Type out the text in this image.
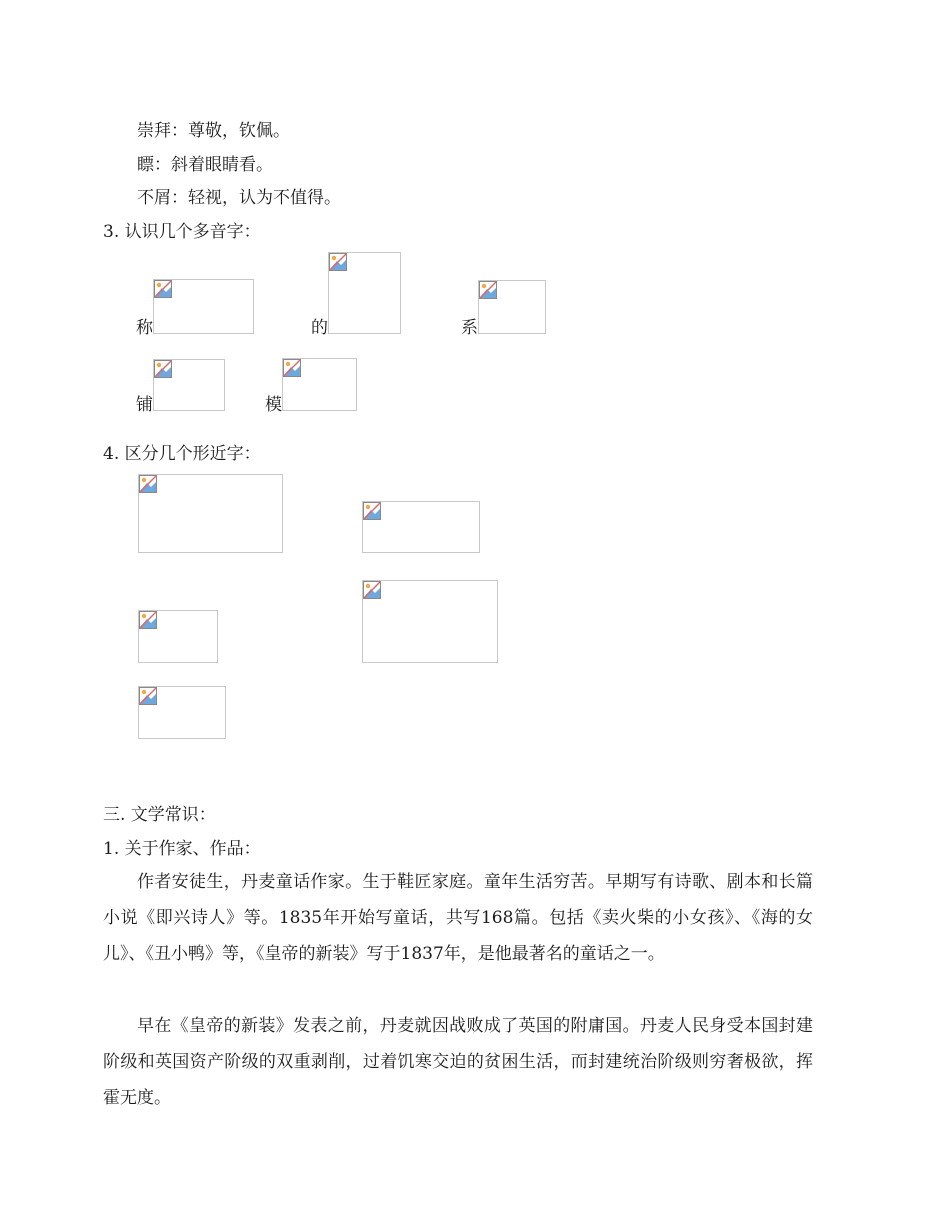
崇拜：尊敬，钦佩。
瞟：斜着眼睛看。
不屑：轻视，认为不值得。
3. 认识几个多音字：
称	的	系
铺	模
4. 区分几个形近字：
三. 文学常识：
1. 关于作家、作品：
作者安徒生，丹麦童话作家。生于鞋匠家庭。童年生活穷苦。早期写有诗歌、剧本和长篇小说《即兴诗人》等。1835年开始写童话，共写168篇。包括《卖火柴的小女孩》、《海的女儿》、《丑小鸭》等，《皇帝的新装》写于1837年，是他最著名的童话之一。
早在《皇帝的新装》发表之前，丹麦就因战败成了英国的附庸国。丹麦人民身受本国封建阶级和英国资产阶级的双重剥削，过着饥寒交迫的贫困生活，而封建统治阶级则穷奢极欲，挥霍无度。
